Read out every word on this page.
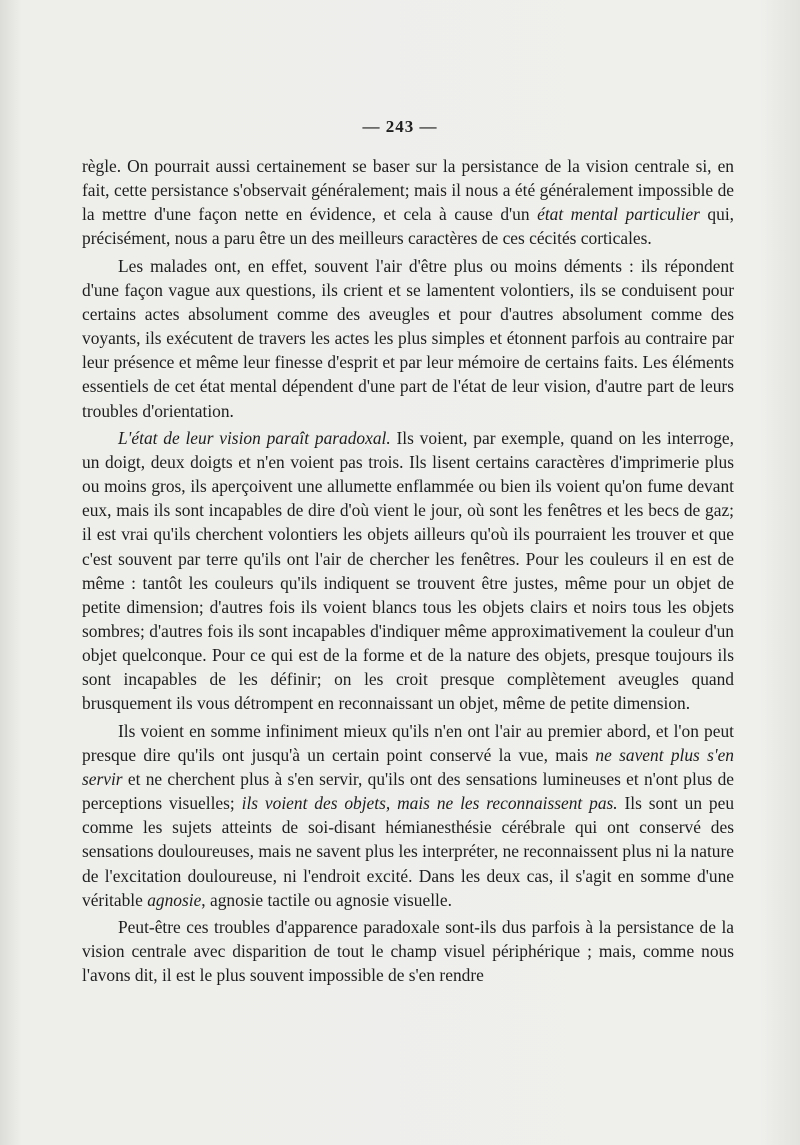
— 243 —

règle. On pourrait aussi certainement se baser sur la persistance de la vision centrale si, en fait, cette persistance s'observait généralement; mais il nous a été généralement impossible de la mettre d'une façon nette en évidence, et cela à cause d'un état mental particulier qui, précisément, nous a paru être un des meilleurs caractères de ces cécités corticales.

Les malades ont, en effet, souvent l'air d'être plus ou moins déments : ils répondent d'une façon vague aux questions, ils crient et se lamentent volontiers, ils se conduisent pour certains actes absolument comme des aveugles et pour d'autres absolument comme des voyants, ils exécutent de travers les actes les plus simples et étonnent parfois au contraire par leur présence et même leur finesse d'esprit et par leur mémoire de certains faits. Les éléments essentiels de cet état mental dépendent d'une part de l'état de leur vision, d'autre part de leurs troubles d'orientation.

L'état de leur vision paraît paradoxal. Ils voient, par exemple, quand on les interroge, un doigt, deux doigts et n'en voient pas trois. Ils lisent certains caractères d'imprimerie plus ou moins gros, ils aperçoivent une allumette enflammée ou bien ils voient qu'on fume devant eux, mais ils sont incapables de dire d'où vient le jour, où sont les fenêtres et les becs de gaz; il est vrai qu'ils cherchent volontiers les objets ailleurs qu'où ils pourraient les trouver et que c'est souvent par terre qu'ils ont l'air de chercher les fenêtres. Pour les couleurs il en est de même : tantôt les couleurs qu'ils indiquent se trouvent être justes, même pour un objet de petite dimension; d'autres fois ils voient blancs tous les objets clairs et noirs tous les objets sombres; d'autres fois ils sont incapables d'indiquer même approximativement la couleur d'un objet quelconque. Pour ce qui est de la forme et de la nature des objets, presque toujours ils sont incapables de les définir; on les croit presque complètement aveugles quand brusquement ils vous détrompent en reconnaissant un objet, même de petite dimension.

Ils voient en somme infiniment mieux qu'ils n'en ont l'air au premier abord, et l'on peut presque dire qu'ils ont jusqu'à un certain point conservé la vue, mais ne savent plus s'en servir et ne cherchent plus à s'en servir, qu'ils ont des sensations lumineuses et n'ont plus de perceptions visuelles; ils voient des objets, mais ne les reconnaissent pas. Ils sont un peu comme les sujets atteints de soi-disant hémianesthésie cérébrale qui ont conservé des sensations douloureuses, mais ne savent plus les interpréter, ne reconnaissent plus ni la nature de l'excitation douloureuse, ni l'endroit excité. Dans les deux cas, il s'agit en somme d'une véritable agnosie, agnosie tactile ou agnosie visuelle.

Peut-être ces troubles d'apparence paradoxale sont-ils dus parfois à la persistance de la vision centrale avec disparition de tout le champ visuel périphérique ; mais, comme nous l'avons dit, il est le plus souvent impossible de s'en rendre
